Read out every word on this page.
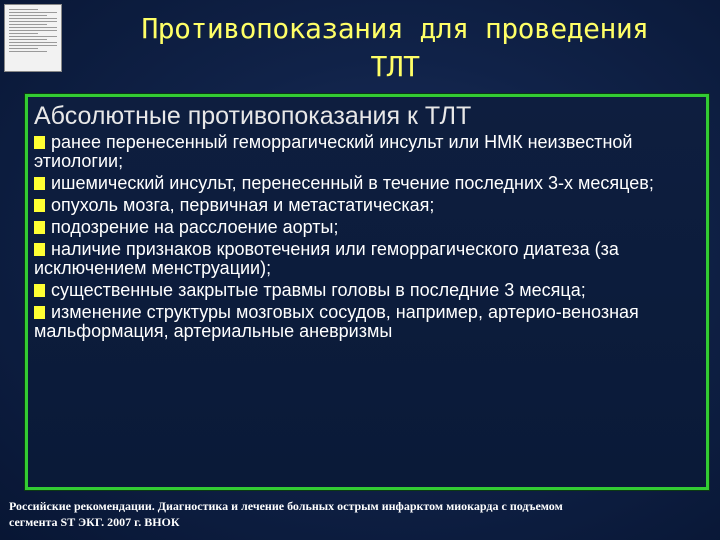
Противопоказания для проведения
ТЛТ
Абсолютные противопоказания к ТЛТ
ранее перенесенный геморрагический инсульт или НМК неизвестной этиологии;
ишемический инсульт, перенесенный в течение последних 3-х месяцев;
опухоль мозга, первичная и метастатическая;
подозрение на расслоение аорты;
наличие признаков кровотечения или геморрагического диатеза (за исключением менструации);
существенные закрытые травмы головы в последние 3 месяца;
изменение структуры мозговых сосудов, например, артерио-венозная мальформация, артериальные аневризмы
Российские рекомендации. Диагностика и лечение больных острым инфарктом миокарда с подъемом
сегмента ST ЭКГ. 2007 г. ВНОК
